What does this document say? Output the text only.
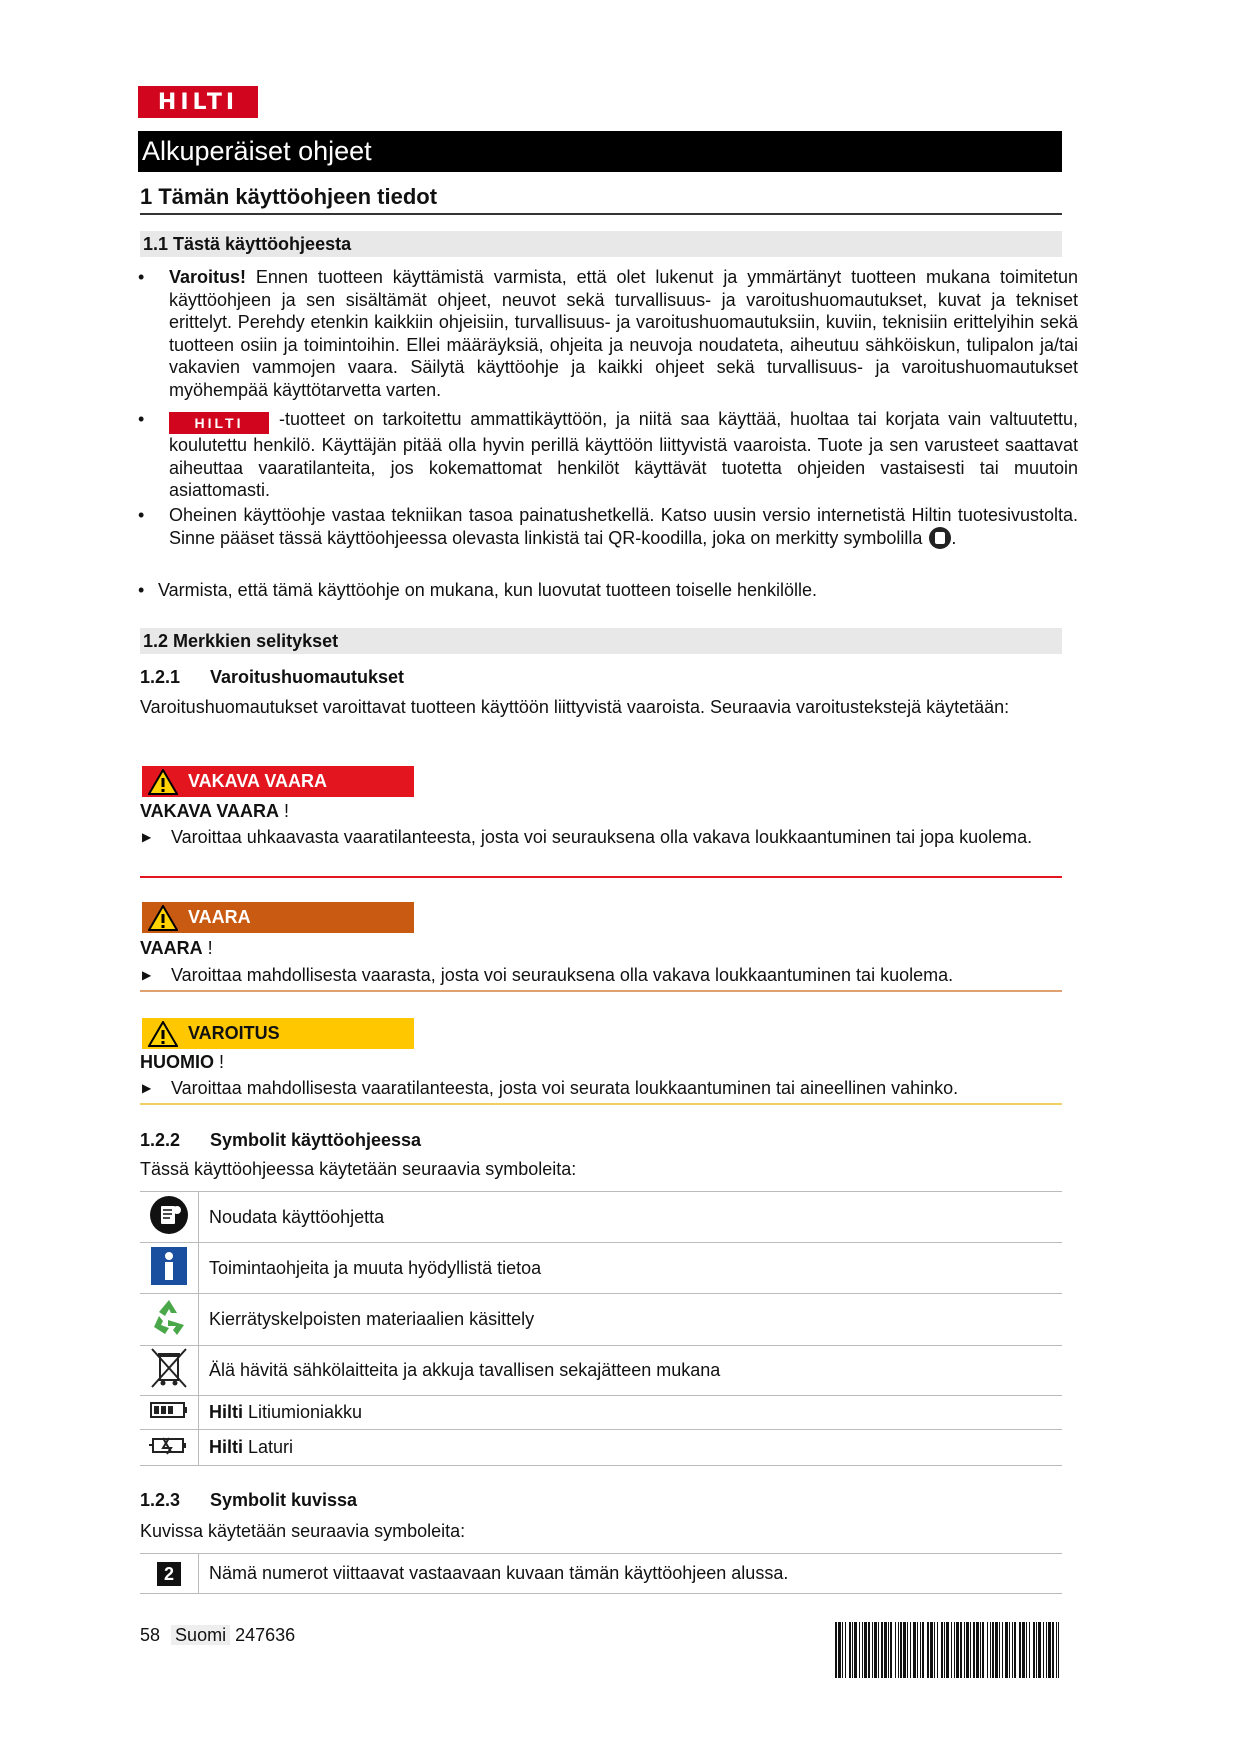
HILTI
Alkuperäiset ohjeet
1 Tämän käyttöohjeen tiedot
1.1 Tästä käyttöohjeesta
• Varoitus! Ennen tuotteen käyttämistä varmista, että olet lukenut ja ymmärtänyt tuotteen mukana toimitetun käyttöohjeen ja sen sisältämät ohjeet, neuvot sekä turvallisuus- ja varoitushuomautukset, kuvat ja tekniset erittelyt. Perehdy etenkin kaikkiin ohjeisiin, turvallisuus- ja varoitushuomautuksiin, kuviin, teknisiin erittelyihin sekä tuotteen osiin ja toimintoihin. Ellei määräyksiä, ohjeita ja neuvoja noudateta, aiheutuu sähköiskun, tulipalon ja/tai vakavien vammojen vaara. Säilytä käyttöohje ja kaikki ohjeet sekä turvallisuus- ja varoitushuomautukset myöhempää käyttötarvetta varten.
•	HILTI -tuotteet on tarkoitettu ammattikäyttöön, ja niitä saa käyttää, huoltaa tai korjata vain valtuutettu, koulutettu henkilö. Käyttäjän pitää olla hyvin perillä käyttöön liittyvistä vaaroista. Tuote ja sen varusteet saattavat aiheuttaa vaaratilanteita, jos kokemattomat henkilöt käyttävät tuotetta ohjeiden vastaisesti tai muutoin asiattomasti.
• Oheinen käyttöohje vastaa tekniikan tasoa painatushetkellä. Katso uusin versio internetistä Hiltin tuotesivustolta. Sinne pääset tässä käyttöohjeessa olevasta linkistä tai QR-koodilla, joka on merkitty symbolilla .
• Varmista, että tämä käyttöohje on mukana, kun luovutat tuotteen toiselle henkilölle.
1.2 Merkkien selitykset
1.2.1 Varoitushuomautukset
Varoitushuomautukset varoittavat tuotteen käyttöön liittyvistä vaaroista. Seuraavia varoitustekstejä käytetään:
VAKAVA VAARA
VAKAVA VAARA !
▶ Varoittaa uhkaavasta vaaratilanteesta, josta voi seurauksena olla vakava loukkaantuminen tai jopa kuolema.
VAARA
VAARA !
▶ Varoittaa mahdollisesta vaarasta, josta voi seurauksena olla vakava loukkaantuminen tai kuolema.
VAROITUS
HUOMIO !
▶ Varoittaa mahdollisesta vaaratilanteesta, josta voi seurata loukkaantuminen tai aineellinen vahinko.
1.2.2 Symbolit käyttöohjeessa
Tässä käyttöohjeessa käytetään seuraavia symboleita:
	Noudata käyttöohjetta
	Toimintaohjeita ja muuta hyödyllistä tietoa
	Kierrätyskelpoisten materiaalien käsittely
	Älä hävitä sähkölaitteita ja akkuja tavallisen sekajätteen mukana
	Hilti Litiumioniakku
	Hilti Laturi
1.2.3 Symbolit kuvissa
Kuvissa käytetään seuraavia symboleita:
2	Nämä numerot viittaavat vastaavaan kuvaan tämän käyttöohjeen alussa.
58 Suomi 247636
